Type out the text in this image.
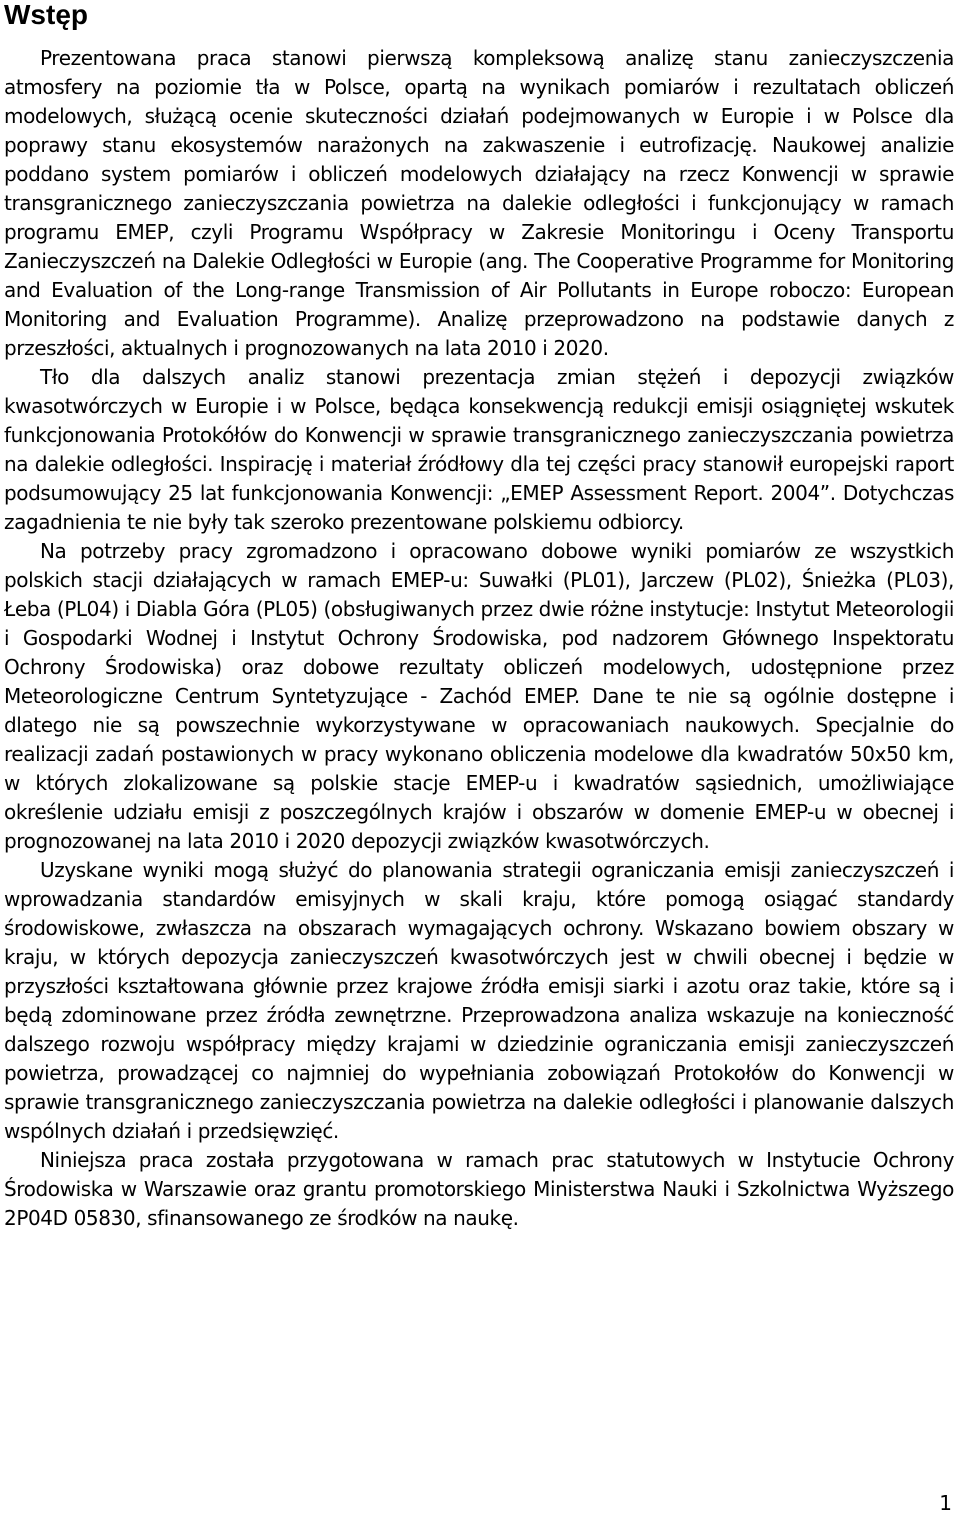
Wstęp

Prezentowana praca stanowi pierwszą kompleksową analizę stanu zanieczyszczenia atmosfery na poziomie tła w Polsce, opartą na wynikach pomiarów i rezultatach obliczeń modelowych, służącą ocenie skuteczności działań podejmowanych w Europie i w Polsce dla poprawy stanu ekosystemów narażonych na zakwaszenie i eutrofizację. Naukowej analizie poddano system pomiarów i obliczeń modelowych działający na rzecz Konwencji w sprawie transgranicznego zanieczyszczania powietrza na dalekie odległości i funkcjonujący w ramach programu EMEP, czyli Programu Współpracy w Zakresie Monitoringu i Oceny Transportu Zanieczyszczeń na Dalekie Odległości w Europie (ang. The Cooperative Programme for Monitoring and Evaluation of the Long-range Transmission of Air Pollutants in Europe roboczo: European Monitoring and Evaluation Programme). Analizę przeprowadzono na podstawie danych z przeszłości, aktualnych i prognozowanych na lata 2010 i 2020.

Tło dla dalszych analiz stanowi prezentacja zmian stężeń i depozycji związków kwasotwórczych w Europie i w Polsce, będąca konsekwencją redukcji emisji osiągniętej wskutek funkcjonowania Protokółów do Konwencji w sprawie transgranicznego zanieczyszczania powietrza na dalekie odległości. Inspirację i materiał źródłowy dla tej części pracy stanowił europejski raport podsumowujący 25 lat funkcjonowania Konwencji: „EMEP Assessment Report. 2004”. Dotychczas zagadnienia te nie były tak szeroko prezentowane polskiemu odbiorcy.

Na potrzeby pracy zgromadzono i opracowano dobowe wyniki pomiarów ze wszystkich polskich stacji działających w ramach EMEP-u: Suwałki (PL01), Jarczew (PL02), Śnieżka (PL03), Łeba (PL04) i Diabla Góra (PL05) (obsługiwanych przez dwie różne instytucje: Instytut Meteorologii i Gospodarki Wodnej i Instytut Ochrony Środowiska, pod nadzorem Głównego Inspektoratu Ochrony Środowiska) oraz dobowe rezultaty obliczeń modelowych, udostępnione przez Meteorologiczne Centrum Syntetyzujące - Zachód EMEP. Dane te nie są ogólnie dostępne i dlatego nie są powszechnie wykorzystywane w opracowaniach naukowych. Specjalnie do realizacji zadań postawionych w pracy wykonano obliczenia modelowe dla kwadratów 50x50 km, w których zlokalizowane są polskie stacje EMEP-u i kwadratów sąsiednich, umożliwiające określenie udziału emisji z poszczególnych krajów i obszarów w domenie EMEP-u w obecnej i prognozowanej na lata 2010 i 2020 depozycji związków kwasotwórczych.

Uzyskane wyniki mogą służyć do planowania strategii ograniczania emisji zanieczyszczeń i wprowadzania standardów emisyjnych w skali kraju, które pomogą osiągać standardy środowiskowe, zwłaszcza na obszarach wymagających ochrony. Wskazano bowiem obszary w kraju, w których depozycja zanieczyszczeń kwasotwórczych jest w chwili obecnej i będzie w przyszłości kształtowana głównie przez krajowe źródła emisji siarki i azotu oraz takie, które są i będą zdominowane przez źródła zewnętrzne. Przeprowadzona analiza wskazuje na konieczność dalszego rozwoju współpracy między krajami w dziedzinie ograniczania emisji zanieczyszczeń powietrza, prowadzącej co najmniej do wypełniania zobowiązań Protokołów do Konwencji w sprawie transgranicznego zanieczyszczania powietrza na dalekie odległości i planowanie dalszych wspólnych działań i przedsięwzięć.

Niniejsza praca została przygotowana w ramach prac statutowych w Instytucie Ochrony Środowiska w Warszawie oraz grantu promotorskiego Ministerstwa Nauki i Szkolnictwa Wyższego 2P04D 05830, sfinansowanego ze środków na naukę.

1
